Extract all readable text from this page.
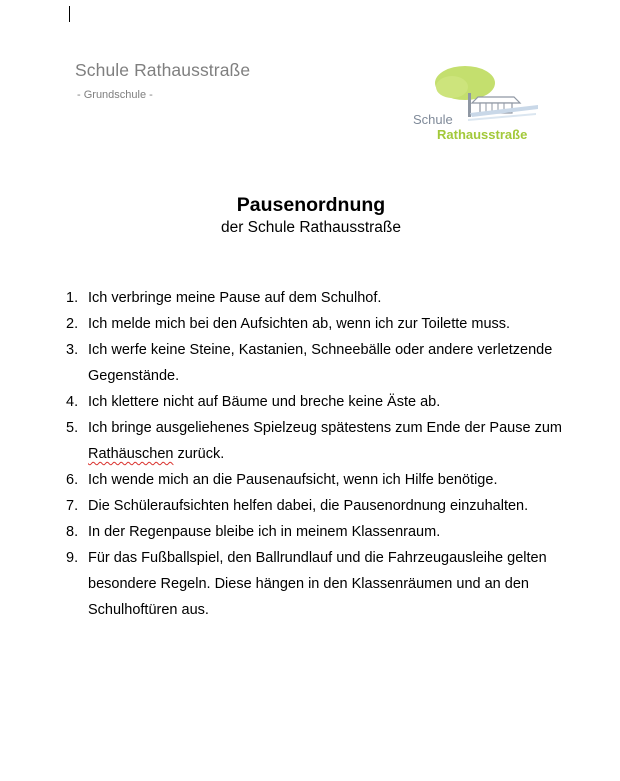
Schule Rathausstraße
- Grundschule -
Schule
Rathausstraße
Pausenordnung
der Schule Rathausstraße
1. Ich verbringe meine Pause auf dem Schulhof.
2. Ich melde mich bei den Aufsichten ab, wenn ich zur Toilette muss.
3. Ich werfe keine Steine, Kastanien, Schneebälle oder andere verletzende Gegenstände.
4. Ich klettere nicht auf Bäume und breche keine Äste ab.
5. Ich bringe ausgeliehenes Spielzeug spätestens zum Ende der Pause zum Rathäuschen zurück.
6. Ich wende mich an die Pausenaufsicht, wenn ich Hilfe benötige.
7. Die Schüleraufsichten helfen dabei, die Pausenordnung einzuhalten.
8. In der Regenpause bleibe ich in meinem Klassenraum.
9. Für das Fußballspiel, den Ballrundlauf und die Fahrzeugausleihe gelten besondere Regeln. Diese hängen in den Klassenräumen und an den Schulhoftüren aus.
